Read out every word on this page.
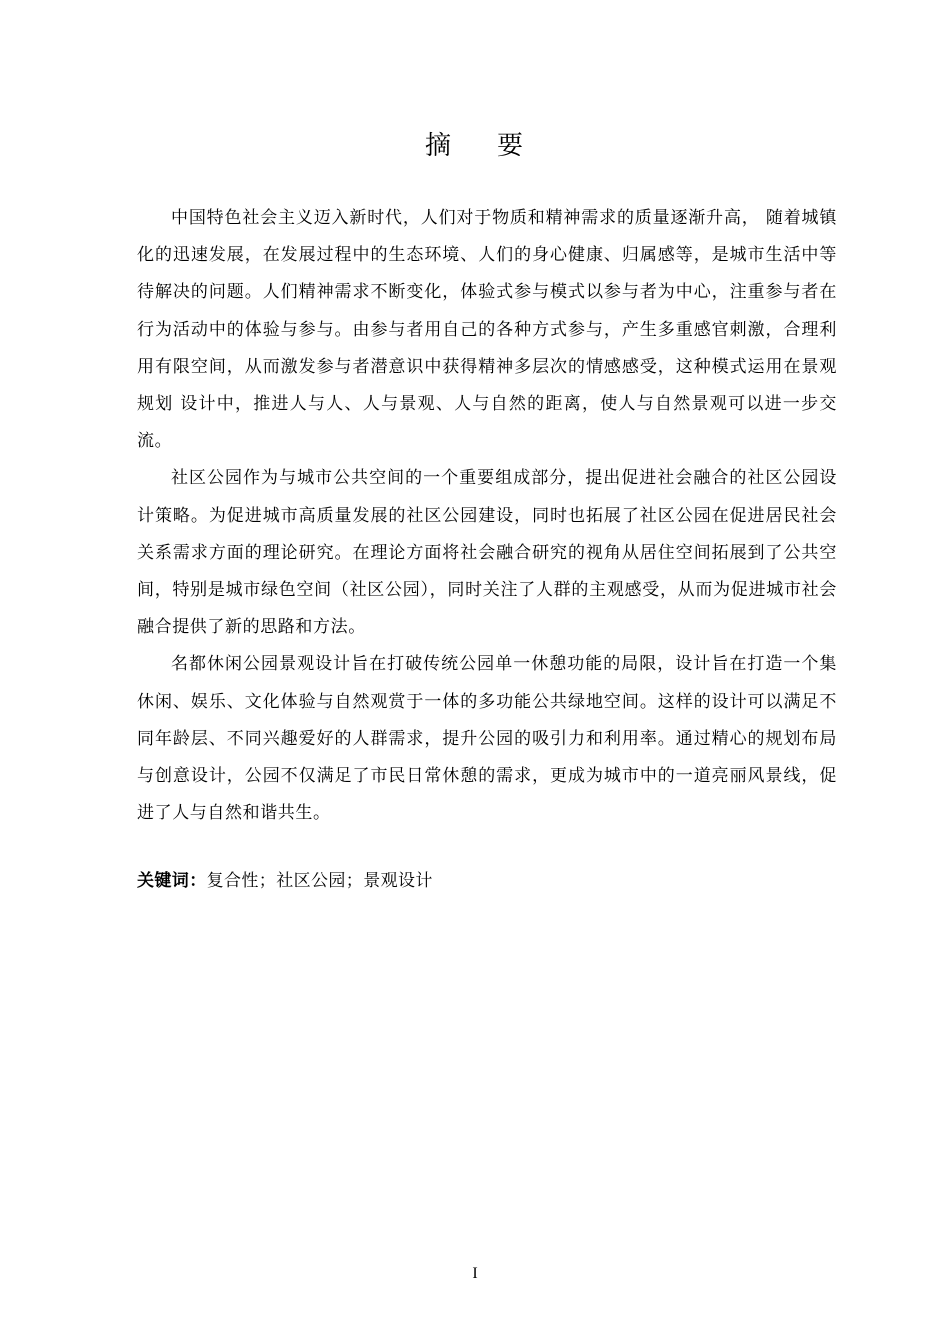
摘 要

中国特色社会主义迈入新时代，人们对于物质和精神需求的质量逐渐升高， 随着城镇化的迅速发展，在发展过程中的生态环境、人们的身心健康、归属感等，是城市生活中等待解决的问题。人们精神需求不断变化，体验式参与模式以参与者为中心，注重参与者在行为活动中的体验与参与。由参与者用自己的各种方式参与，产生多重感官刺激，合理利用有限空间，从而激发参与者潜意识中获得精神多层次的情感感受，这种模式运用在景观规划 设计中，推进人与人、人与景观、人与自然的距离，使人与自然景观可以进一步交流。

社区公园作为与城市公共空间的一个重要组成部分，提出促进社会融合的社区公园设计策略。为促进城市高质量发展的社区公园建设，同时也拓展了社区公园在促进居民社会关系需求方面的理论研究。在理论方面将社会融合研究的视角从居住空间拓展到了公共空间，特别是城市绿色空间（社区公园），同时关注了人群的主观感受，从而为促进城市社会融合提供了新的思路和方法。

名都休闲公园景观设计旨在打破传统公园单一休憩功能的局限，设计旨在打造一个集休闲、娱乐、文化体验与自然观赏于一体的多功能公共绿地空间。这样的设计可以满足不同年龄层、不同兴趣爱好的人群需求，提升公园的吸引力和利用率。通过精心的规划布局与创意设计，公园不仅满足了市民日常休憩的需求，更成为城市中的一道亮丽风景线，促进了人与自然和谐共生。

关键词：复合性；社区公园；景观设计

I
